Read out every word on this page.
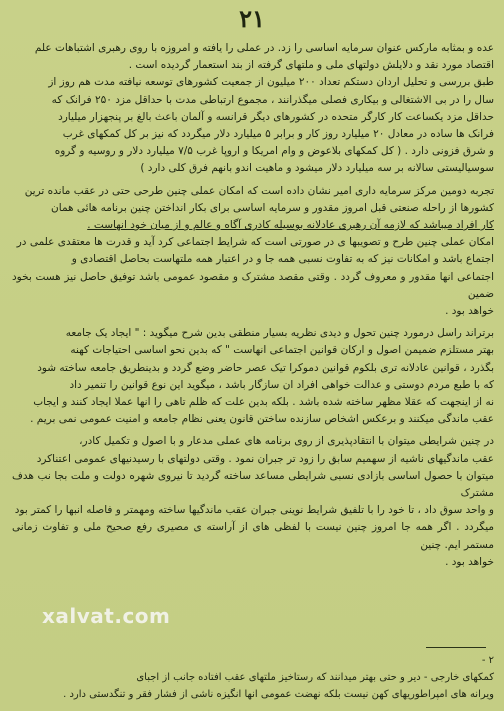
۲۱

عده و بمثابه مارکس عنوان سرمایه اساسی را زد. در عملی را یافته و امروزه با روی رهبری اشتباهات علم

اقتصاد مورد نقد و دلایلش دولتهای ملی و ملتهای گرفته از بند استعمار گردیده است .

طبق بررسی و تحلیل اردان دستکم تعداد ۲۰۰ میلیون از جمعیت کشورهای توسعه نیافته مدت هم روز از

سال را در بی الاشتغالی و بیکاری فصلی میگذرانند ، مجموع ارتباطی مدت با حداقل مزد ۲۵۰ فرانک که

حداقل مزد یکساعت کار کارگر متحده در کشورهای دیگر قرانسه و آلمان باعث بالغ بر پنجهزار میلیارد

فرانک ها ساده در معادل ۲۰ میلیارد روز کار و برابر ۵ میلیارد دلار میگردد که نیز بر کل کمکهای غرب

و شرق فزونی دارد . ( کل کمکهای بلاعوض و وام امریکا و اروپا غرب ۷/۵ میلیارد دلار و روسیه و گروه

سوسیالیستی سالانه بر سه میلیارد دلار میشود و ماهیت اندو بانهم فرق کلی دارد )

تجربه دومین مرکز سرمایه داری امیر نشان داده است که امکان عملی چنین طرحی حتی در عقب مانده ترین

کشورها از راحله صنعتی قبل امروز مقدور و سرمایه اساسی برای بکار انداختن چنین برنامه هائی همان

کار افراد میباشد که لازمه آن رهبری عادلانه بوسیله کادری آگاه و عالم و از میان خود انهاست .

امکان عملی چنین طرح و تصویبها ی در صورتی است که شرایط اجتماعی کرد آید و قدرت ها معتقدی علمی در

اجتماع باشد و امکانات نیز که به تفاوت نسبی همه جا و در اعتبار همه ملتهاست بحاصل اقتصادی و

اجتماعی انها مقدور و معروف گردد . وقتی مقصد مشترک و مقصود عمومی باشد توفیق حاصل نیز هست بخود ضمین

خواهد بود .

برتراند راسل درمورد چنین تحول و دیدی نظریه بسیار منطقی بدین شرح میگوید : " ایجاد یک جامعه

بهتر مستلزم ضمیمن اصول و ارکان قوانین اجتماعی انهاست " که بدین نحو اساسی احتیاجات کهنه

بگذرد ، قوانین عادلانه تری بلکوم قوانین دموکرا تیک عصر حاضر وضع گردد و بدینطریق جامعه ساخته شود

که با طبع مردم دوستی و عدالت خواهی افراد ان سازگار باشد ، میگوید این نوع قوانین را تنمیر داد

نه از اینجهت که عقلا مظهر ساخته شده باشد . بلکه بدین علت که ظلم تاهی را انها عملا ایجاد کنند و ایجاب

عقب ماندگی میکنند و برعکس اشخاص سازنده ساختن قانون یعنی نظام جامعه و امنیت عمومی نمی بریم .

در چنین شرایطی میتوان با انتقادپذیری از روی برنامه های عملی مدعار و با اصول و تکمیل کادر،

عقب ماندگیهای ناشیه از سهمیم سابق را زود تر جبران نمود . وقتی دولتهای با رسیدنیهای عمومی اعتناکرد

میتوان با حصول اساسی بازادی نسبی شرایطی مساعد ساخته گردید تا نیروی شهره دولت و ملت بجا نب هدف مشترک

و واحد سوق داد ، تا خود را با تلفیق شرایط نوینی جبران عقب ماندگیها ساخته ومهمتر و فاصله انبها را کمتر بود

میگردد . اگر همه جا امروز چنین نیست با لفظی های از آراسته ی مصیری رفع صحیح ملی و تفاوت زمانی مستمر ایم. چنین

خواهد بود .

xalvat.com

۲ -

کمکهای خارجی - دیر و حتی بهتر میدانند که رستاخیز ملتهای عقب افتاده جانب از اجبای

ویرانه های امپراطوریهای کهن نیست بلکه نهضت عمومی انها انگیزه ناشی از فشار فقر و تنگدستی دارد .
